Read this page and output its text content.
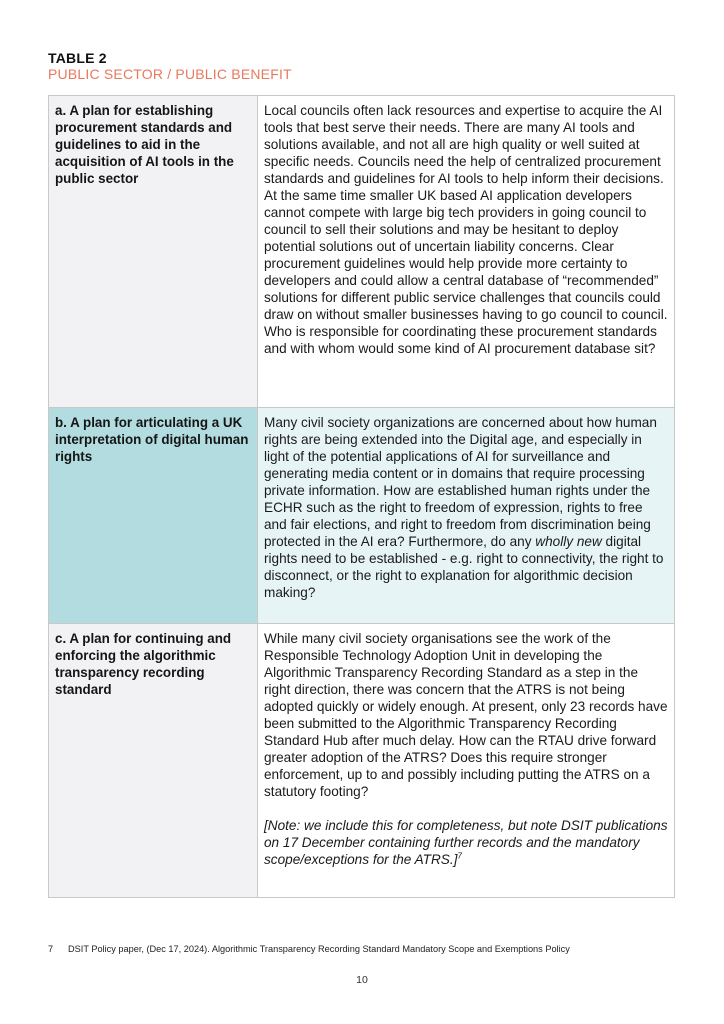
TABLE 2
PUBLIC SECTOR / PUBLIC BENEFIT
a. A plan for establishing procurement standards and guidelines to aid in the acquisition of AI tools in the public sector
Local councils often lack resources and expertise to acquire the AI tools that best serve their needs. There are many AI tools and solutions available, and not all are high quality or well suited at specific needs. Councils need the help of centralized procurement standards and guidelines for AI tools to help inform their decisions. At the same time smaller UK based AI application developers cannot compete with large big tech providers in going council to council to sell their solutions and may be hesitant to deploy potential solutions out of uncertain liability concerns. Clear procurement guidelines would help provide more certainty to developers and could allow a central database of “recommended” solutions for different public service challenges that councils could draw on without smaller businesses having to go council to council. Who is responsible for coordinating these procurement standards and with whom would some kind of AI procurement database sit?
b. A plan for articulating a UK interpretation of digital human rights
Many civil society organizations are concerned about how human rights are being extended into the Digital age, and especially in light of the potential applications of AI for surveillance and generating media content or in domains that require processing private information. How are established human rights under the ECHR such as the right to freedom of expression, rights to free and fair elections, and right to freedom from discrimination being protected in the AI era? Furthermore, do any wholly new digital rights need to be established - e.g. right to connectivity, the right to disconnect, or the right to explanation for algorithmic decision making?
c. A plan for continuing and enforcing the algorithmic transparency recording standard
While many civil society organisations see the work of the Responsible Technology Adoption Unit in developing the Algorithmic Transparency Recording Standard as a step in the right direction, there was concern that the ATRS is not being adopted quickly or widely enough. At present, only 23 records have been submitted to the Algorithmic Transparency Recording Standard Hub after much delay. How can the RTAU drive forward greater adoption of the ATRS? Does this require stronger enforcement, up to and possibly including putting the ATRS on a statutory footing?
[Note: we include this for completeness, but note DSIT publications on 17 December containing further records and the mandatory scope/exceptions for the ATRS.]$^7$
7 DSIT Policy paper, (Dec 17, 2024). Algorithmic Transparency Recording Standard Mandatory Scope and Exemptions Policy
10
